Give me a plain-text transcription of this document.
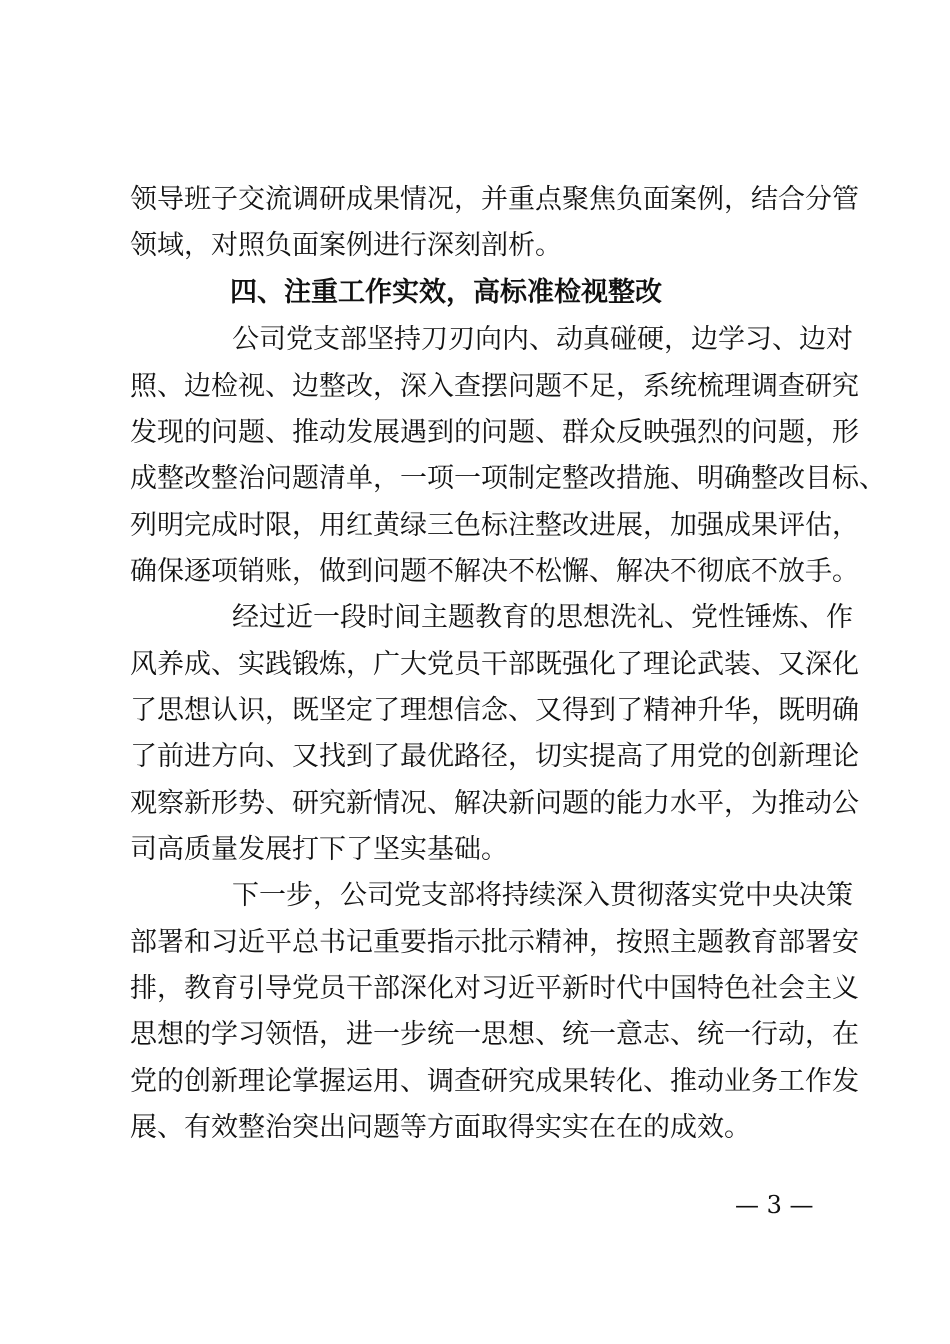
领导班子交流调研成果情况，并重点聚焦负面案例，结合分管
领域，对照负面案例进行深刻剖析。
四、注重工作实效，高标准检视整改
公司党支部坚持刀刃向内、动真碰硬，边学习、边对
照、边检视、边整改，深入查摆问题不足，系统梳理调查研究
发现的问题、推动发展遇到的问题、群众反映强烈的问题，形
成整改整治问题清单，一项一项制定整改措施、明确整改目标、
列明完成时限，用红黄绿三色标注整改进展，加强成果评估，
确保逐项销账，做到问题不解决不松懈、解决不彻底不放手。
经过近一段时间主题教育的思想洗礼、党性锤炼、作
风养成、实践锻炼，广大党员干部既强化了理论武装、又深化
了思想认识，既坚定了理想信念、又得到了精神升华，既明确
了前进方向、又找到了最优路径，切实提高了用党的创新理论
观察新形势、研究新情况、解决新问题的能力水平，为推动公
司高质量发展打下了坚实基础。
下一步，公司党支部将持续深入贯彻落实党中央决策
部署和习近平总书记重要指示批示精神，按照主题教育部署安
排，教育引导党员干部深化对习近平新时代中国特色社会主义
思想的学习领悟，进一步统一思想、统一意志、统一行动，在
党的创新理论掌握运用、调查研究成果转化、推动业务工作发
展、有效整治突出问题等方面取得实实在在的成效。
— 3 —
